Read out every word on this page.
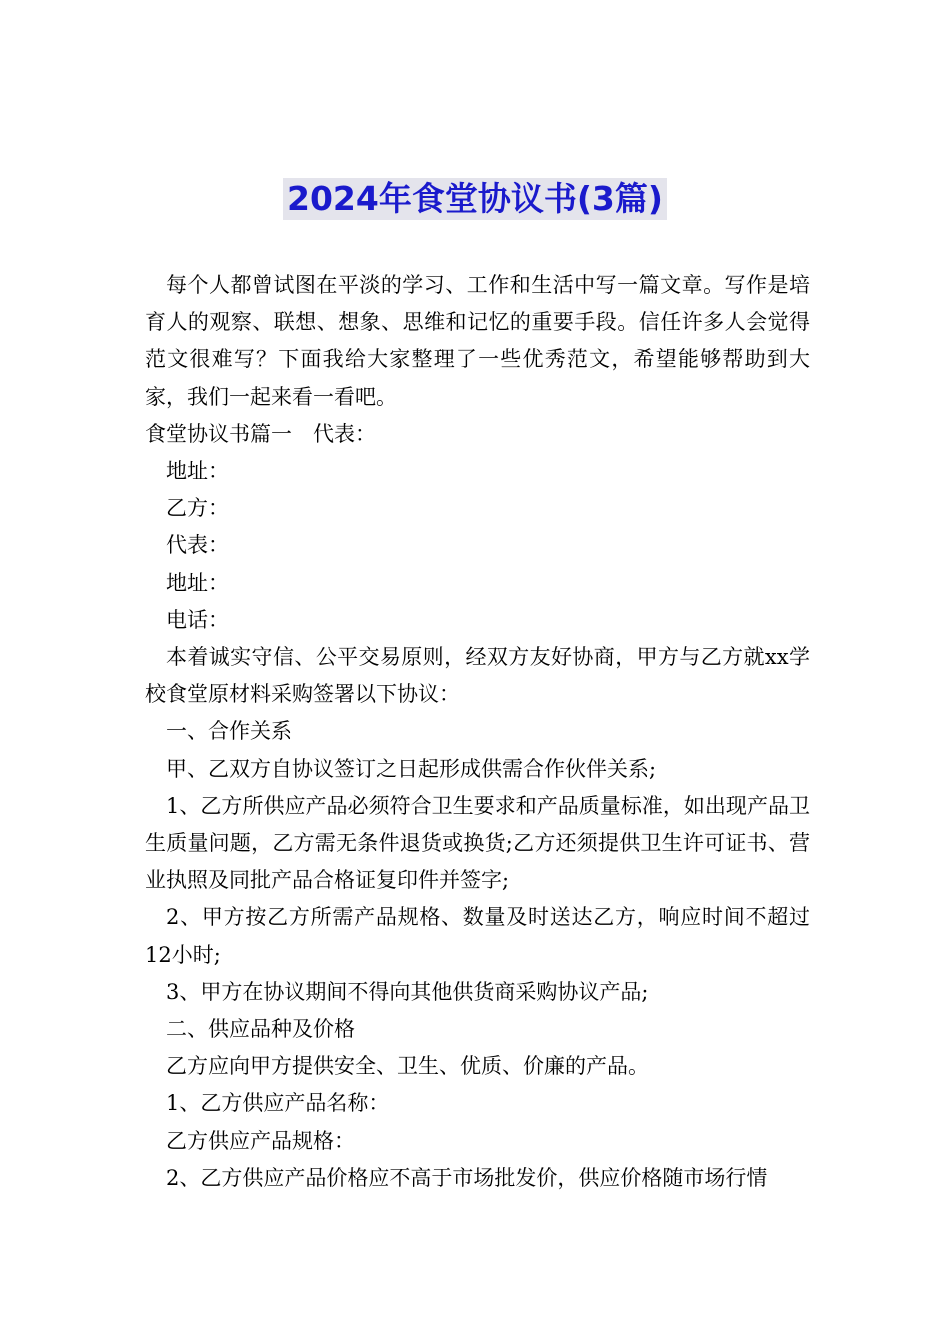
2024年食堂协议书(3篇)

每个人都曾试图在平淡的学习、工作和生活中写一篇文章。写作是培育人的观察、联想、想象、思维和记忆的重要手段。信任许多人会觉得范文很难写？下面我给大家整理了一些优秀范文，希望能够帮助到大家，我们一起来看一看吧。

食堂协议书篇一　代表：

地址：

乙方：

代表：

地址：

电话：

本着诚实守信、公平交易原则，经双方友好协商，甲方与乙方就xx学校食堂原材料采购签署以下协议：

一、合作关系

甲、乙双方自协议签订之日起形成供需合作伙伴关系;

1、乙方所供应产品必须符合卫生要求和产品质量标准，如出现产品卫生质量问题，乙方需无条件退货或换货;乙方还须提供卫生许可证书、营业执照及同批产品合格证复印件并签字;

2、甲方按乙方所需产品规格、数量及时送达乙方，响应时间不超过12小时;

3、甲方在协议期间不得向其他供货商采购协议产品;

二、供应品种及价格

乙方应向甲方提供安全、卫生、优质、价廉的产品。

1、乙方供应产品名称：

乙方供应产品规格：

2、乙方供应产品价格应不高于市场批发价，供应价格随市场行情
